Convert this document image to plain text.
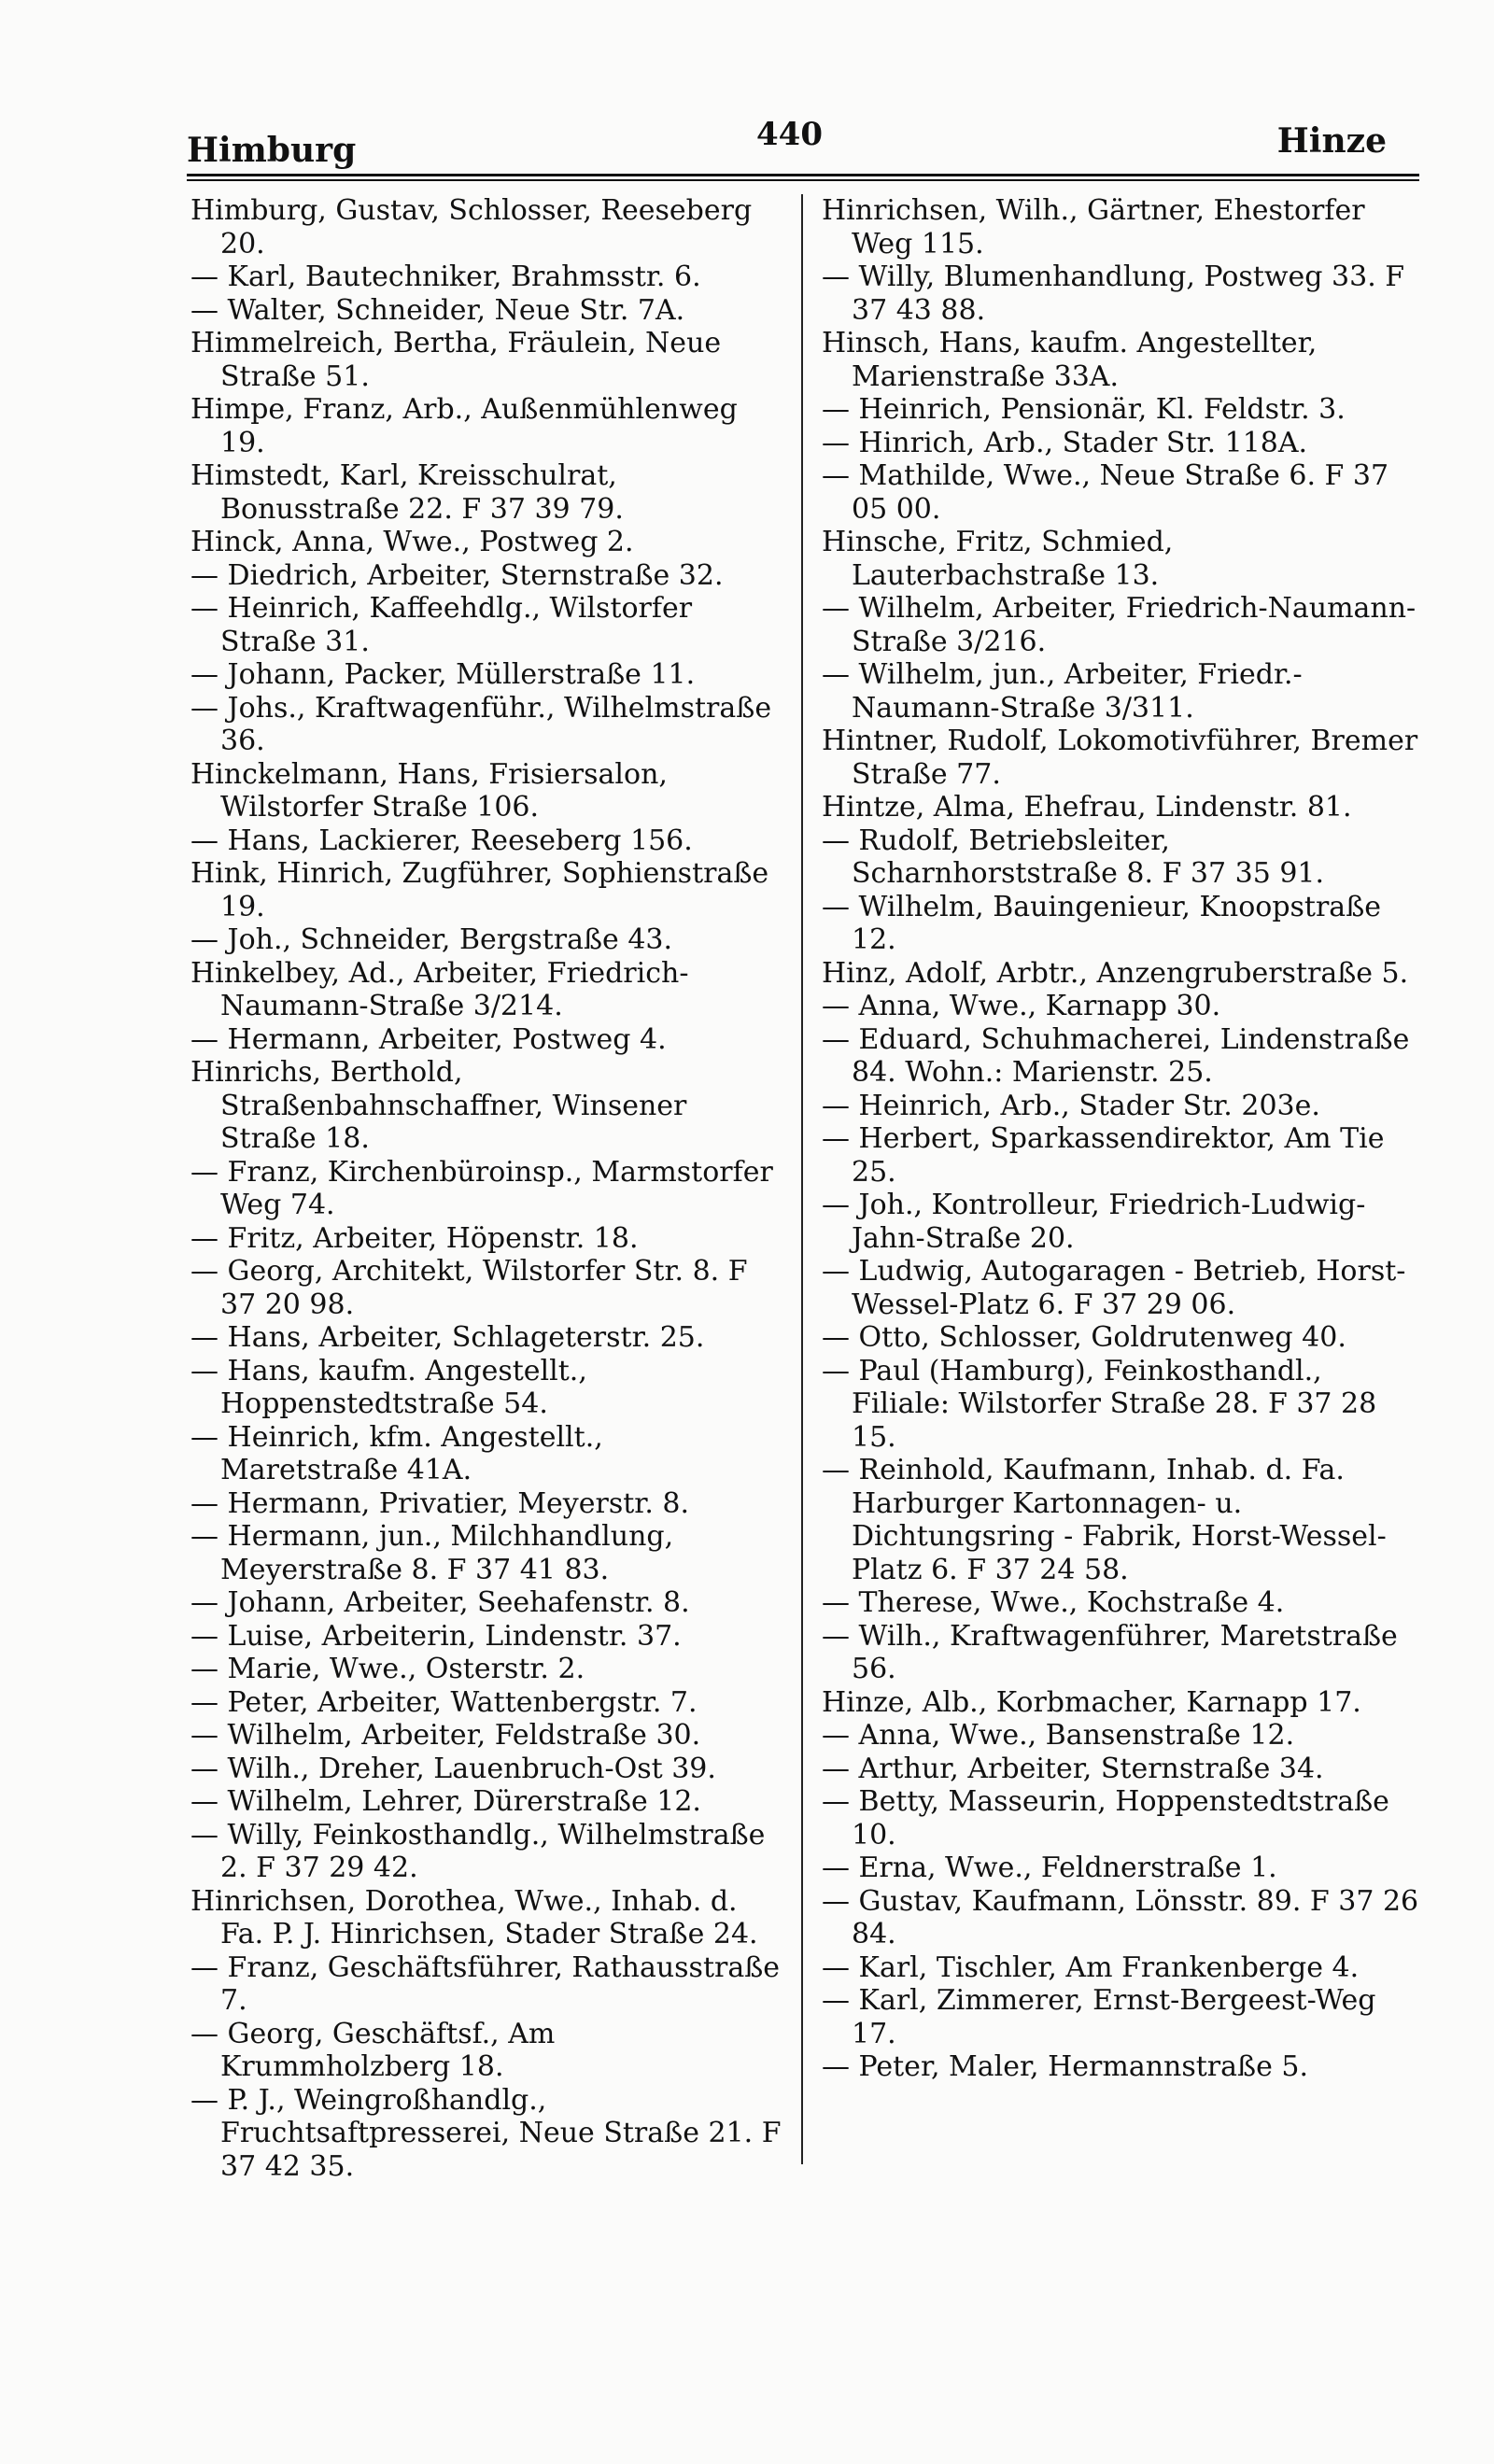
Himburg	440	Hinze

Himburg, Gustav, Schlosser, Reeseberg 20.

— Karl, Bautechniker, Brahmsstr. 6.

— Walter, Schneider, Neue Str. 7A.

Himmelreich, Bertha, Fräulein, Neue Straße 51.

Himpe, Franz, Arb., Außenmühlenweg 19.

Himstedt, Karl, Kreisschulrat, Bonusstraße 22. F 37 39 79.

Hinck, Anna, Wwe., Postweg 2.

— Diedrich, Arbeiter, Sternstraße 32.

— Heinrich, Kaffeehdlg., Wilstorfer Straße 31.

— Johann, Packer, Müllerstraße 11.

— Johs., Kraftwagenführ., Wilhelmstraße 36.

Hinckelmann, Hans, Frisiersalon, Wilstorfer Straße 106.

— Hans, Lackierer, Reeseberg 156.

Hink, Hinrich, Zugführer, Sophienstraße 19.

— Joh., Schneider, Bergstraße 43.

Hinkelbey, Ad., Arbeiter, Friedrich-Naumann-Straße 3/214.

— Hermann, Arbeiter, Postweg 4.

Hinrichs, Berthold, Straßenbahnschaffner, Winsener Straße 18.

— Franz, Kirchenbüroinsp., Marmstorfer Weg 74.

— Fritz, Arbeiter, Höpenstr. 18.

— Georg, Architekt, Wilstorfer Str. 8. F 37 20 98.

— Hans, Arbeiter, Schlageterstr. 25.

— Hans, kaufm. Angestellt., Hoppenstedtstraße 54.

— Heinrich, kfm. Angestellt., Maretstraße 41A.

— Hermann, Privatier, Meyerstr. 8.

— Hermann, jun., Milchhandlung, Meyerstraße 8. F 37 41 83.

— Johann, Arbeiter, Seehafenstr. 8.

— Luise, Arbeiterin, Lindenstr. 37.

— Marie, Wwe., Osterstr. 2.

— Peter, Arbeiter, Wattenbergstr. 7.

— Wilhelm, Arbeiter, Feldstraße 30.

— Wilh., Dreher, Lauenbruch-Ost 39.

— Wilhelm, Lehrer, Dürerstraße 12.

— Willy, Feinkosthandlg., Wilhelmstraße 2. F 37 29 42.

Hinrichsen, Dorothea, Wwe., Inhab. d. Fa. P. J. Hinrichsen, Stader Straße 24.

— Franz, Geschäftsführer, Rathausstraße 7.

— Georg, Geschäftsf., Am Krummholzberg 18.

— P. J., Weingroßhandlg., Fruchtsaftpresserei, Neue Straße 21. F 37 42 35.

Hinrichsen, Wilh., Gärtner, Ehestorfer Weg 115.

— Willy, Blumenhandlung, Postweg 33. F 37 43 88.

Hinsch, Hans, kaufm. Angestellter, Marienstraße 33A.

— Heinrich, Pensionär, Kl. Feldstr. 3.

— Hinrich, Arb., Stader Str. 118A.

— Mathilde, Wwe., Neue Straße 6. F 37 05 00.

Hinsche, Fritz, Schmied, Lauterbachstraße 13.

— Wilhelm, Arbeiter, Friedrich-Naumann-Straße 3/216.

— Wilhelm, jun., Arbeiter, Friedr.-Naumann-Straße 3/311.

Hintner, Rudolf, Lokomotivführer, Bremer Straße 77.

Hintze, Alma, Ehefrau, Lindenstr. 81.

— Rudolf, Betriebsleiter, Scharnhorststraße 8. F 37 35 91.

— Wilhelm, Bauingenieur, Knoopstraße 12.

Hinz, Adolf, Arbtr., Anzengruberstraße 5.

— Anna, Wwe., Karnapp 30.

— Eduard, Schuhmacherei, Lindenstraße 84. Wohn.: Marienstr. 25.

— Heinrich, Arb., Stader Str. 203e.

— Herbert, Sparkassendirektor, Am Tie 25.

— Joh., Kontrolleur, Friedrich-Ludwig-Jahn-Straße 20.

— Ludwig, Autogaragen - Betrieb, Horst-Wessel-Platz 6. F 37 29 06.

— Otto, Schlosser, Goldrutenweg 40.

— Paul (Hamburg), Feinkosthandl., Filiale: Wilstorfer Straße 28. F 37 28 15.

— Reinhold, Kaufmann, Inhab. d. Fa. Harburger Kartonnagen- u. Dichtungsring - Fabrik, Horst-Wessel-Platz 6. F 37 24 58.

— Therese, Wwe., Kochstraße 4.

— Wilh., Kraftwagenführer, Maretstraße 56.

Hinze, Alb., Korbmacher, Karnapp 17.

— Anna, Wwe., Bansenstraße 12.

— Arthur, Arbeiter, Sternstraße 34.

— Betty, Masseurin, Hoppenstedtstraße 10.

— Erna, Wwe., Feldnerstraße 1.

— Gustav, Kaufmann, Lönsstr. 89. F 37 26 84.

— Karl, Tischler, Am Frankenberge 4.

— Karl, Zimmerer, Ernst-Bergeest-Weg 17.

— Peter, Maler, Hermannstraße 5.
